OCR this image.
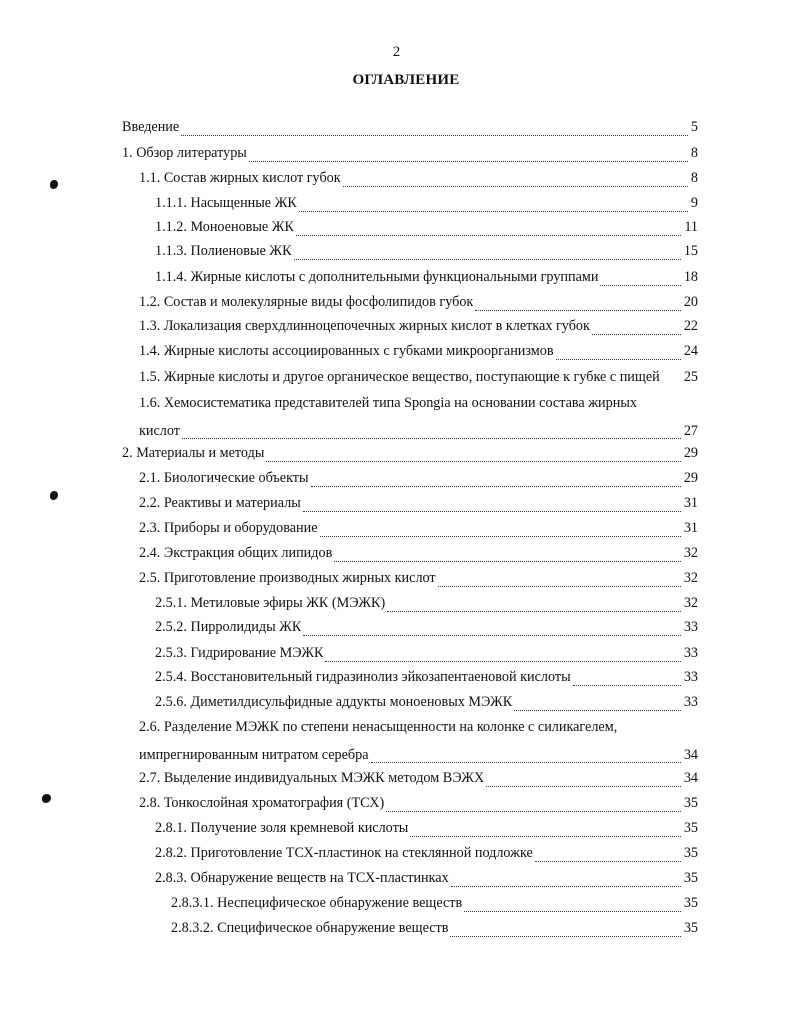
2
ОГЛАВЛЕНИЕ
Введение	5
1. Обзор литературы	8
1.1. Состав жирных кислот губок	8
1.1.1. Насыщенные ЖК	9
1.1.2. Моноеновые ЖК	11
1.1.3. Полиеновые ЖК	15
1.1.4. Жирные кислоты с дополнительными функциональными группами	18
1.2. Состав и молекулярные виды фосфолипидов губок	20
1.3. Локализация сверхдлинноцепочечных жирных кислот в клетках губок	22
1.4. Жирные кислоты ассоциированных с губками микроорганизмов	24
1.5. Жирные кислоты и другое органическое вещество, поступающие к губке с пищей 25
1.6. Хемосистематика представителей типа Spongia на основании состава жирных
кислот	27
2. Материалы и методы	29
2.1. Биологические объекты	29
2.2. Реактивы и материалы	31
2.3. Приборы и оборудование	31
2.4. Экстракция общих липидов	32
2.5. Приготовление производных жирных кислот	32
2.5.1. Метиловые эфиры ЖК (МЭЖК)	32
2.5.2. Пирролидиды ЖК	33
2.5.3. Гидрирование МЭЖК	33
2.5.4. Восстановительный гидразинолиз эйкозапентаеновой кислоты	33
2.5.6. Диметилдисульфидные аддукты моноеновых МЭЖК	33
2.6. Разделение МЭЖК по степени ненасыщенности на колонке с силикагелем,
импрегнированным нитратом серебра	34
2.7. Выделение индивидуальных МЭЖК методом ВЭЖХ	34
2.8. Тонкослойная хроматография (ТСХ)	35
2.8.1. Получение золя кремневой кислоты	35
2.8.2. Приготовление ТСХ-пластинок на стеклянной подложке	35
2.8.3. Обнаружение веществ на ТСХ-пластинках	35
2.8.3.1. Неспецифическое обнаружение веществ	35
2.8.3.2. Специфическое обнаружение веществ	35
